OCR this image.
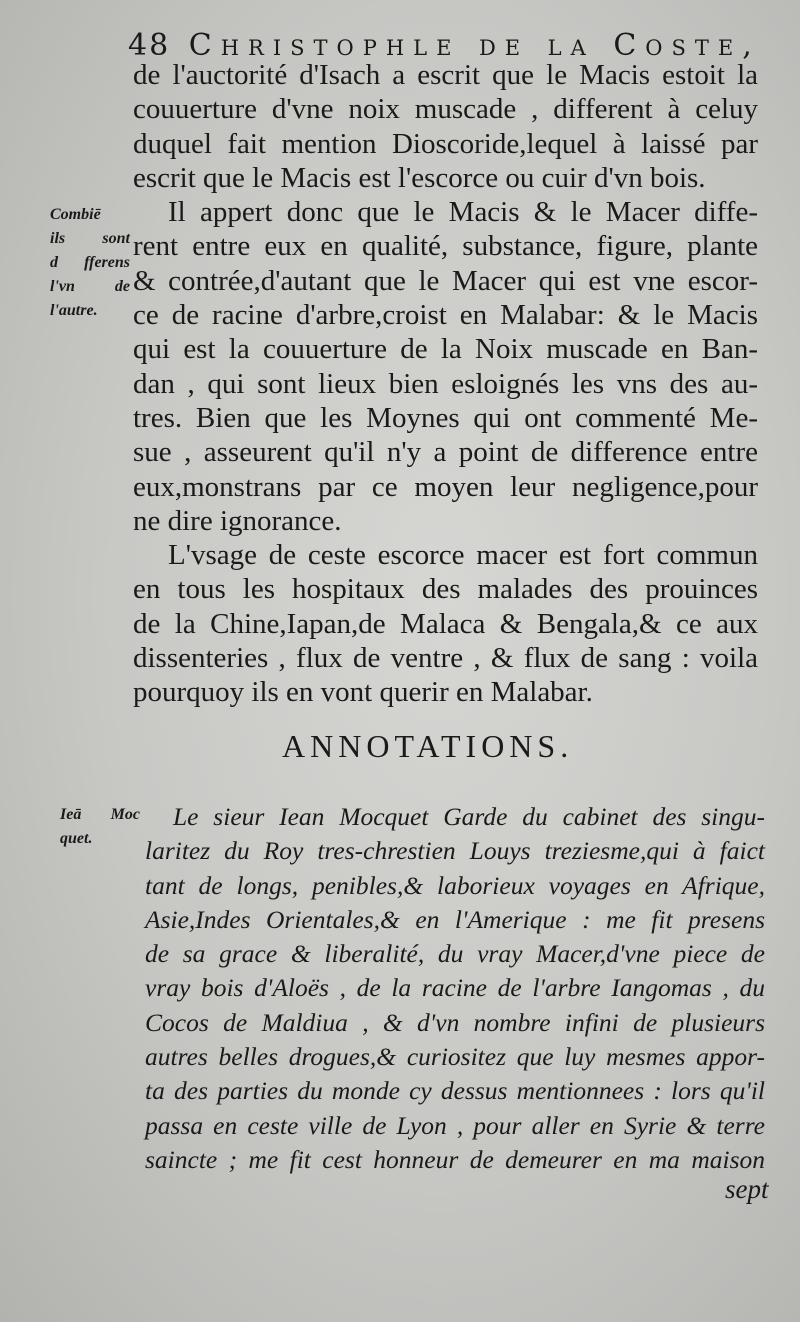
48 Christophle de la Coste,
de l'auctorité d'Isach a escrit que le Macis estoit la
couuerture d'vne noix muscade , different à celuy
duquel fait mention Dioscoride,lequel à laissé par
escrit que le Macis est l'escorce ou cuir d'vn bois.
Il appert donc que le Macis & le Macer diffe-
rent entre eux en qualité, substance, figure, plante
& contrée,d'autant que le Macer qui est vne escor-
ce de racine d'arbre,croist en Malabar: & le Macis
qui est la couuerture de la Noix muscade en Ban-
dan , qui sont lieux bien esloignés les vns des au-
tres. Bien que les Moynes qui ont commenté Me-
sue , asseurent qu'il n'y a point de difference entre
eux,monstrans par ce moyen leur negligence,pour
ne dire ignorance.
L'vsage de ceste escorce macer est fort commun
en tous les hospitaux des malades des prouinces
de la Chine,Iapan,de Malaca & Bengala,& ce aux
dissenteries , flux de ventre , & flux de sang : voila
pourquoy ils en vont querir en Malabar.
Combiē
ils sont
d fferens
l'vn de
l'autre.
ANNOTATIONS.
Ieā Moc
quet.
Le sieur Iean Mocquet Garde du cabinet des singu-
laritez du Roy tres-chrestien Louys treziesme,qui à faict
tant de longs, penibles,& laborieux voyages en Afrique,
Asie,Indes Orientales,& en l'Amerique : me fit presens
de sa grace & liberalité, du vray Macer,d'vne piece de
vray bois d'Aloës , de la racine de l'arbre Iangomas , du
Cocos de Maldiua , & d'vn nombre infini de plusieurs
autres belles drogues,& curiositez que luy mesmes appor-
ta des parties du monde cy dessus mentionnees : lors qu'il
passa en ceste ville de Lyon , pour aller en Syrie & terre
saincte ; me fit cest honneur de demeurer en ma maison
sept
